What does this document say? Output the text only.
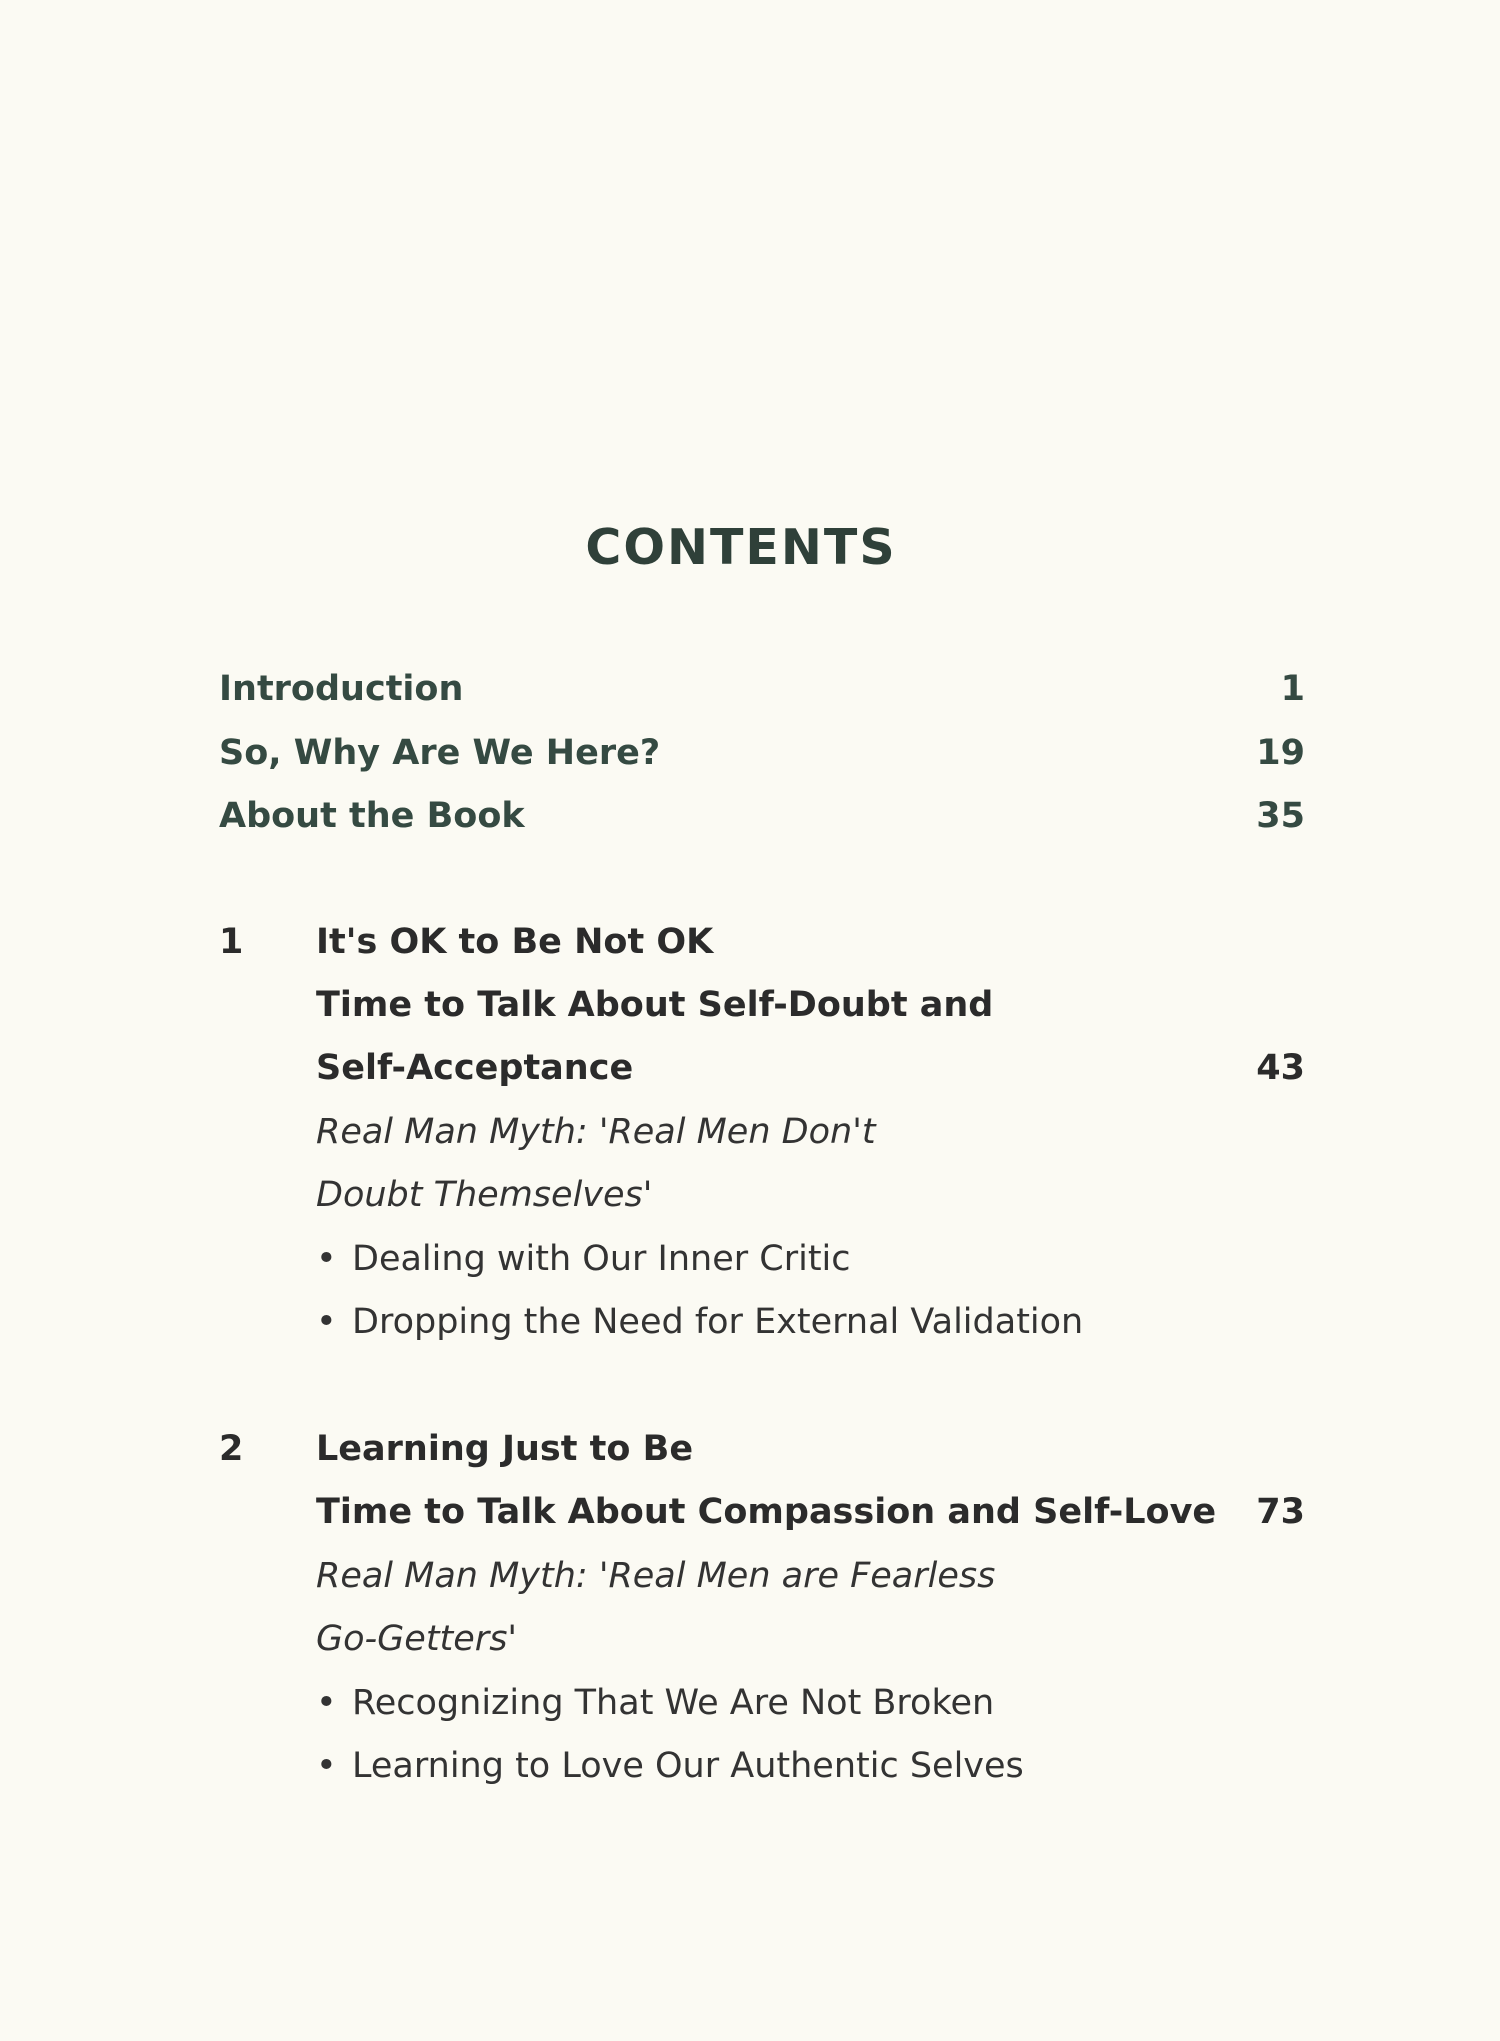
CONTENTS
Introduction	1
So, Why Are We Here?	19
About the Book	35
1 It's OK to Be Not OK
Time to Talk About Self-Doubt and
Self-Acceptance	43
Real Man Myth: 'Real Men Don't
Doubt Themselves'
• Dealing with Our Inner Critic
• Dropping the Need for External Validation
2 Learning Just to Be
Time to Talk About Compassion and Self-Love 73
Real Man Myth: 'Real Men are Fearless
Go-Getters'
• Recognizing That We Are Not Broken
• Learning to Love Our Authentic Selves
